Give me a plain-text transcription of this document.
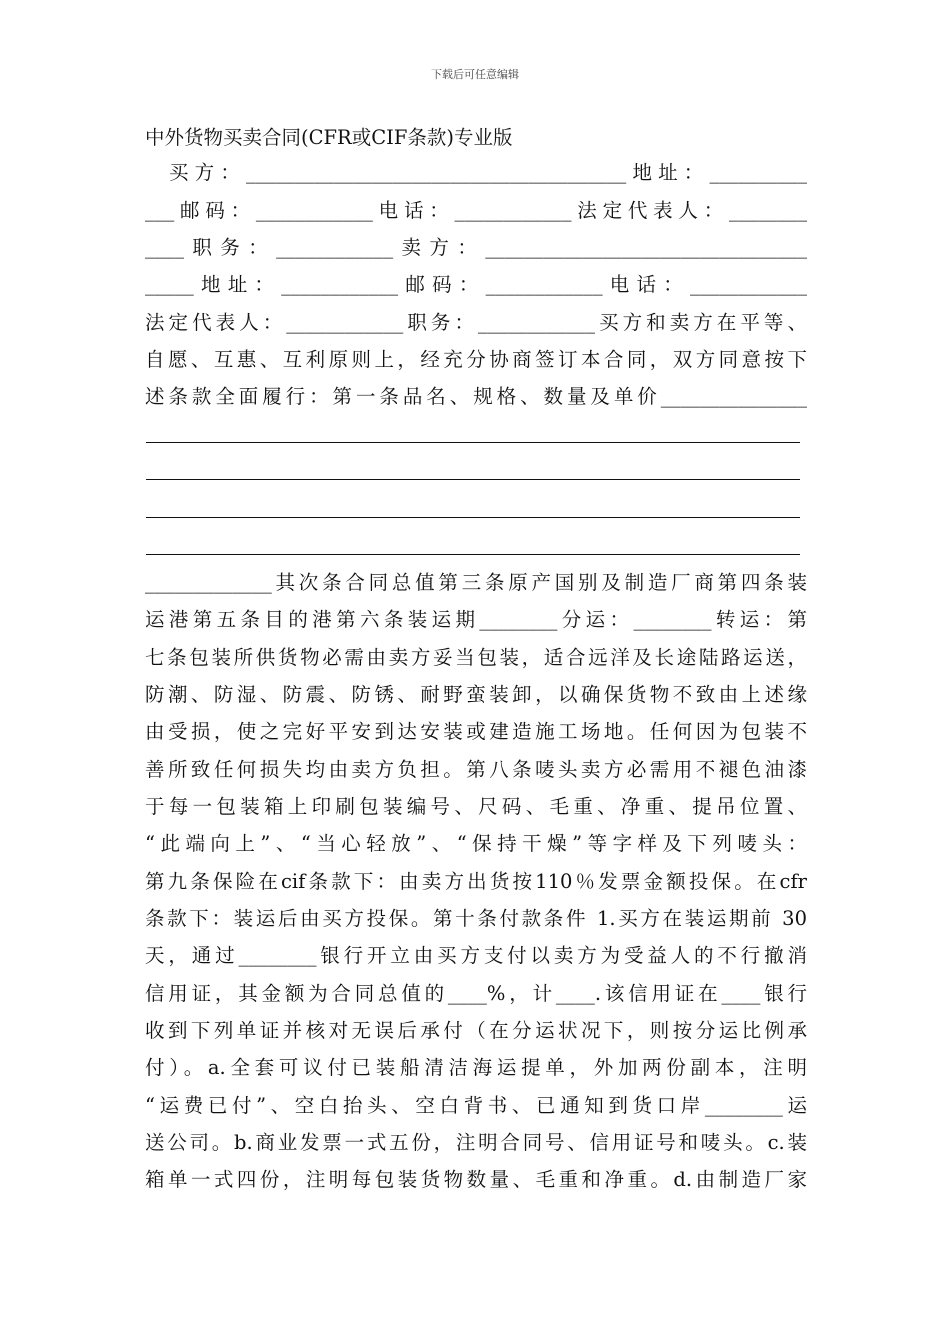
下载后可任意编辑
中外货物买卖合同(CFR或CIF条款)专业版
买方：_______________________________________地址：__________
___邮码：____________电话：____________法定代表人：________
____职务：____________卖方：_________________________________
_____地址：____________邮码：____________电话：____________
法定代表人：____________职务：____________买方和卖方在平等、
自愿、互惠、互利原则上，经充分协商签订本合同，双方同意按下
述条款全面履行：第一条品名、规格、数量及单价_______________
_____________其次条合同总值第三条原产国别及制造厂商第四条装
运港第五条目的港第六条装运期________分运：________转运：第
七条包装所供货物必需由卖方妥当包装，适合远洋及长途陆路运送，
防潮、防湿、防震、防锈、耐野蛮装卸，以确保货物不致由上述缘
由受损，使之完好平安到达安装或建造施工场地。任何因为包装不
善所致任何损失均由卖方负担。第八条唛头卖方必需用不褪色油漆
于每一包装箱上印刷包装编号、尺码、毛重、净重、提吊位置、
“此端向上”、“当心轻放”、“保持干燥”等字样及下列唛头：
第九条保险在cif条款下：由卖方出货按110％发票金额投保。在cfr
条款下：装运后由买方投保。第十条付款条件 1.买方在装运期前 30
天，通过________银行开立由买方支付以卖方为受益人的不行撤消
信用证，其金额为合同总值的____%，计____.该信用证在____银行
收到下列单证并核对无误后承付（在分运状况下，则按分运比例承
付）。a.全套可议付已装船清洁海运提单，外加两份副本，注明
“运费已付”、空白抬头、空白背书、已通知到货口岸________运
送公司。b.商业发票一式五份，注明合同号、信用证号和唛头。c.装
箱单一式四份，注明每包装货物数量、毛重和净重。d.由制造厂家
